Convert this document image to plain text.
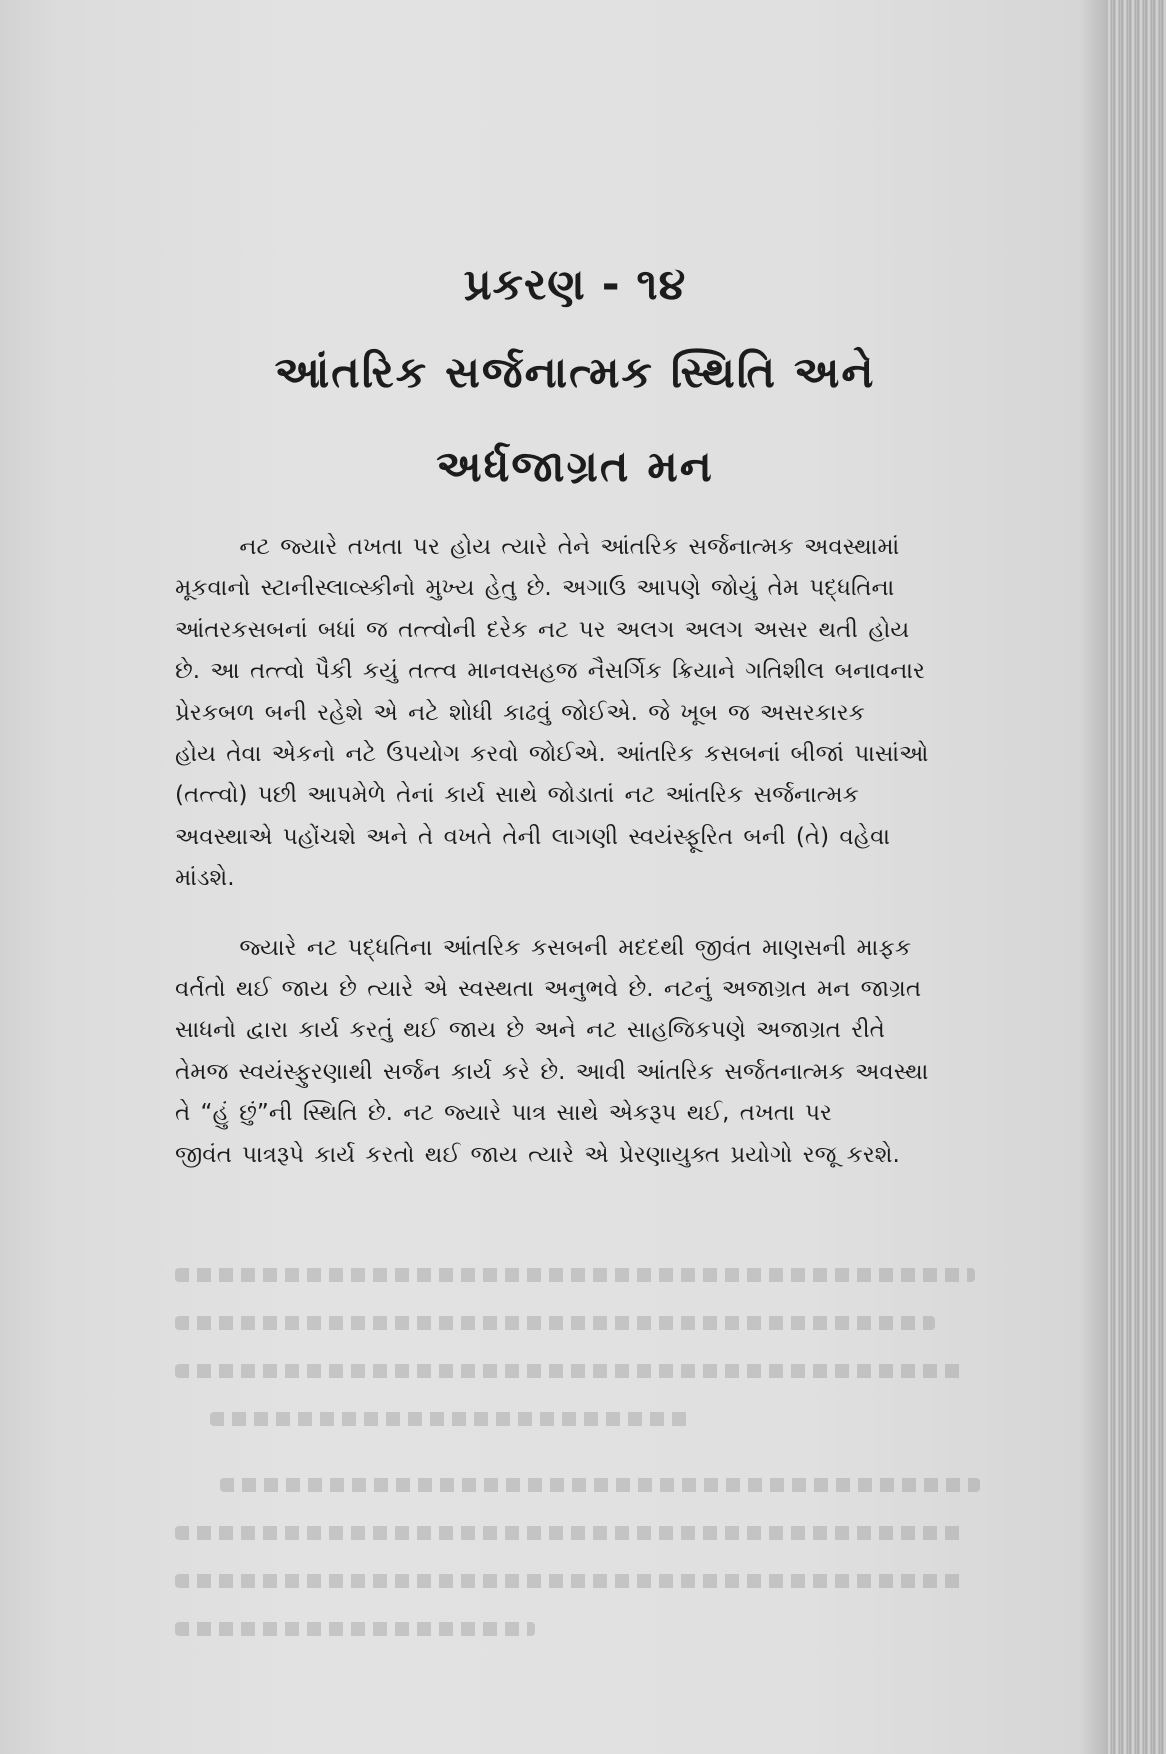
પ્રકરણ - ૧૪
આંતરિક સર્જનાત્મક સ્થિતિ અને
અર્ધજાગ્રત મન
નટ જ્યારે તખતા પર હોય ત્યારે તેને આંતરિક સર્જનાત્મક અવસ્થામાં
મૂકવાનો સ્ટાનીસ્લાવ્સ્કીનો મુખ્ય હેતુ છે. અગાઉ આપણે જોયું તેમ પદ્ધતિના
આંતરકસબનાં બધાં જ તત્ત્વોની દરેક નટ પર અલગ અલગ અસર થતી હોય
છે. આ તત્ત્વો પૈકી કયું તત્ત્વ માનવસહજ નૈસર્ગિક ક્રિયાને ગતિશીલ બનાવનાર
પ્રેરકબળ બની રહેશે એ નટે શોધી કાઢવું જોઈએ. જે ખૂબ જ અસરકારક
હોય તેવા એકનો નટે ઉપયોગ કરવો જોઈએ. આંતરિક કસબનાં બીજાં પાસાંઓ
(તત્ત્વો) પછી આપમેળે તેનાં કાર્ય સાથે જોડાતાં નટ આંતરિક સર્જનાત્મક
અવસ્થાએ પહોંચશે અને તે વખતે તેની લાગણી સ્વયંસ્ફૂરિત બની (તે) વહેવા
માંડશે.
જ્યારે નટ પદ્ધતિના આંતરિક કસબની મદદથી જીવંત માણસની માફક
વર્તતો થઈ જાય છે ત્યારે એ સ્વસ્થતા અનુભવે છે. નટનું અજાગ્રત મન જાગ્રત
સાધનો દ્વારા કાર્ય કરતું થઈ જાય છે અને નટ સાહજિકપણે અજાગ્રત રીતે
તેમજ સ્વયંસ્ફુરણાથી સર્જન કાર્ય કરે છે. આવી આંતરિક સર્જતનાત્મક અવસ્થા
તે “હું છું”ની સ્થિતિ છે. નટ જ્યારે પાત્ર સાથે એકરૂપ થઈ, તખતા પર
જીવંત પાત્રરૂપે કાર્ય કરતો થઈ જાય ત્યારે એ પ્રેરણાયુક્ત પ્રયોગો રજૂ કરશે.
